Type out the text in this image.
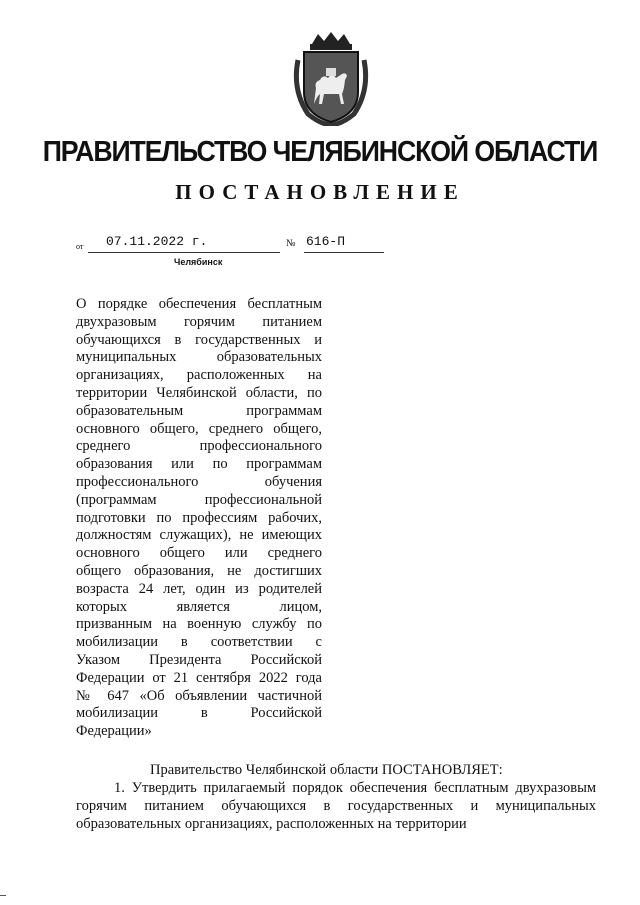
ПРАВИТЕЛЬСТВО ЧЕЛЯБИНСКОЙ ОБЛАСТИ
ПОСТАНОВЛЕНИЕ
от 07.11.2022 г.	№ 616-П
Челябинск
О порядке обеспечения бесплатным
двухразовым горячим питанием
обучающихся в государственных и
муниципальных образовательных
организациях, расположенных на
территории Челябинской области, по
образовательным программам
основного общего, среднего общего,
среднего профессионального
образования или по программам
профессионального обучения
(программам профессиональной
подготовки по профессиям рабочих,
должностям служащих), не имеющих
основного общего или среднего
общего образования, не достигших
возраста 24 лет, один из родителей
которых является лицом,
призванным на военную службу по
мобилизации в соответствии с
Указом Президента Российской
Федерации от 21 сентября 2022 года
№ 647 «Об объявлении частичной
мобилизации в Российской
Федерации»
Правительство Челябинской области ПОСТАНОВЛЯЕТ:
1. Утвердить прилагаемый порядок обеспечения бесплатным двухразовым горячим питанием обучающихся в государственных и муниципальных образовательных организациях, расположенных на территории
